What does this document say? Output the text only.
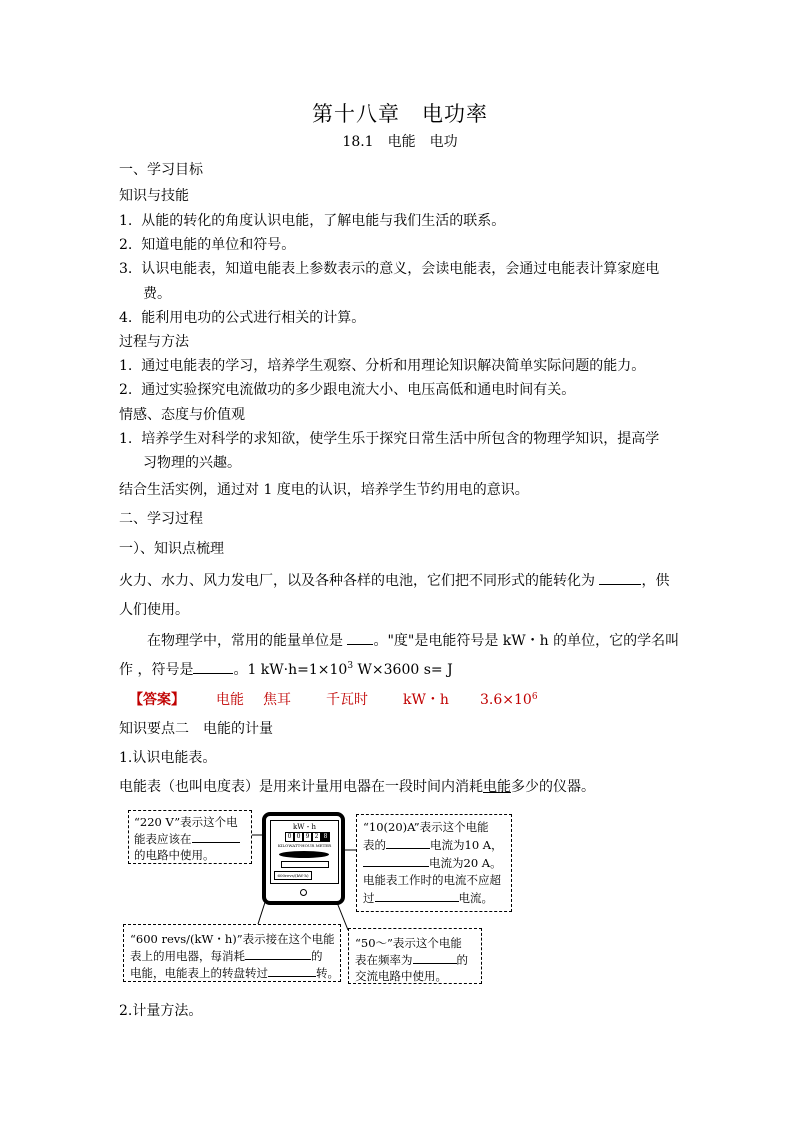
第十八章　电功率
18.1　电能　电功
一、学习目标
知识与技能
1. 从能的转化的角度认识电能，了解电能与我们生活的联系。
2. 知道电能的单位和符号。
3. 认识电能表，知道电能表上参数表示的意义，会读电能表，会通过电能表计算家庭电
费。
4. 能利用电功的公式进行相关的计算。
过程与方法
1. 通过电能表的学习，培养学生观察、分析和用理论知识解决简单实际问题的能力。
2. 通过实验探究电流做功的多少跟电流大小、电压高低和通电时间有关。
情感、态度与价值观
1. 培养学生对科学的求知欲，使学生乐于探究日常生活中所包含的物理学知识，提高学
习物理的兴趣。
结合生活实例，通过对 1 度电的认识，培养学生节约用电的意识。
二、学习过程
一）、知识点梳理
火力、水力、风力发电厂，以及各种各样的电池，它们把不同形式的能转化为	，供
人们使用。
在物理学中，常用的能量单位是 。"度"是电能符号是 kW・h 的单位，它的学名叫
作 ，符号是	。1 $kW\cdot h=1\times 10^3$ W×3600 s= J
【答案】 电能 焦耳	千瓦时	kW・h $3.6\times 10^6$
知识要点二　电能的计量
1.认识电能表。
电能表（也叫电度表）是用来计量用电器在一段时间内消耗电能多少的仪器。
kW・h
0 0 9 2 8
KILOWATT-HOUR METER
600revs/(kW·h)
“220 V”表示这个电
能表应该在
的电路中使用。
“10(20)A”表示这个电能
表的	电流为10 A，
电流为20 A。
电能表工作时的电流不应超
过	电流。
“600 revs/(kW・h)”表示接在这个电能
表上的用电器，每消耗	的
电能，电能表上的转盘转过	转。
“50～”表示这个电能
表在频率为	的
交流电路中使用。
2.计量方法。
